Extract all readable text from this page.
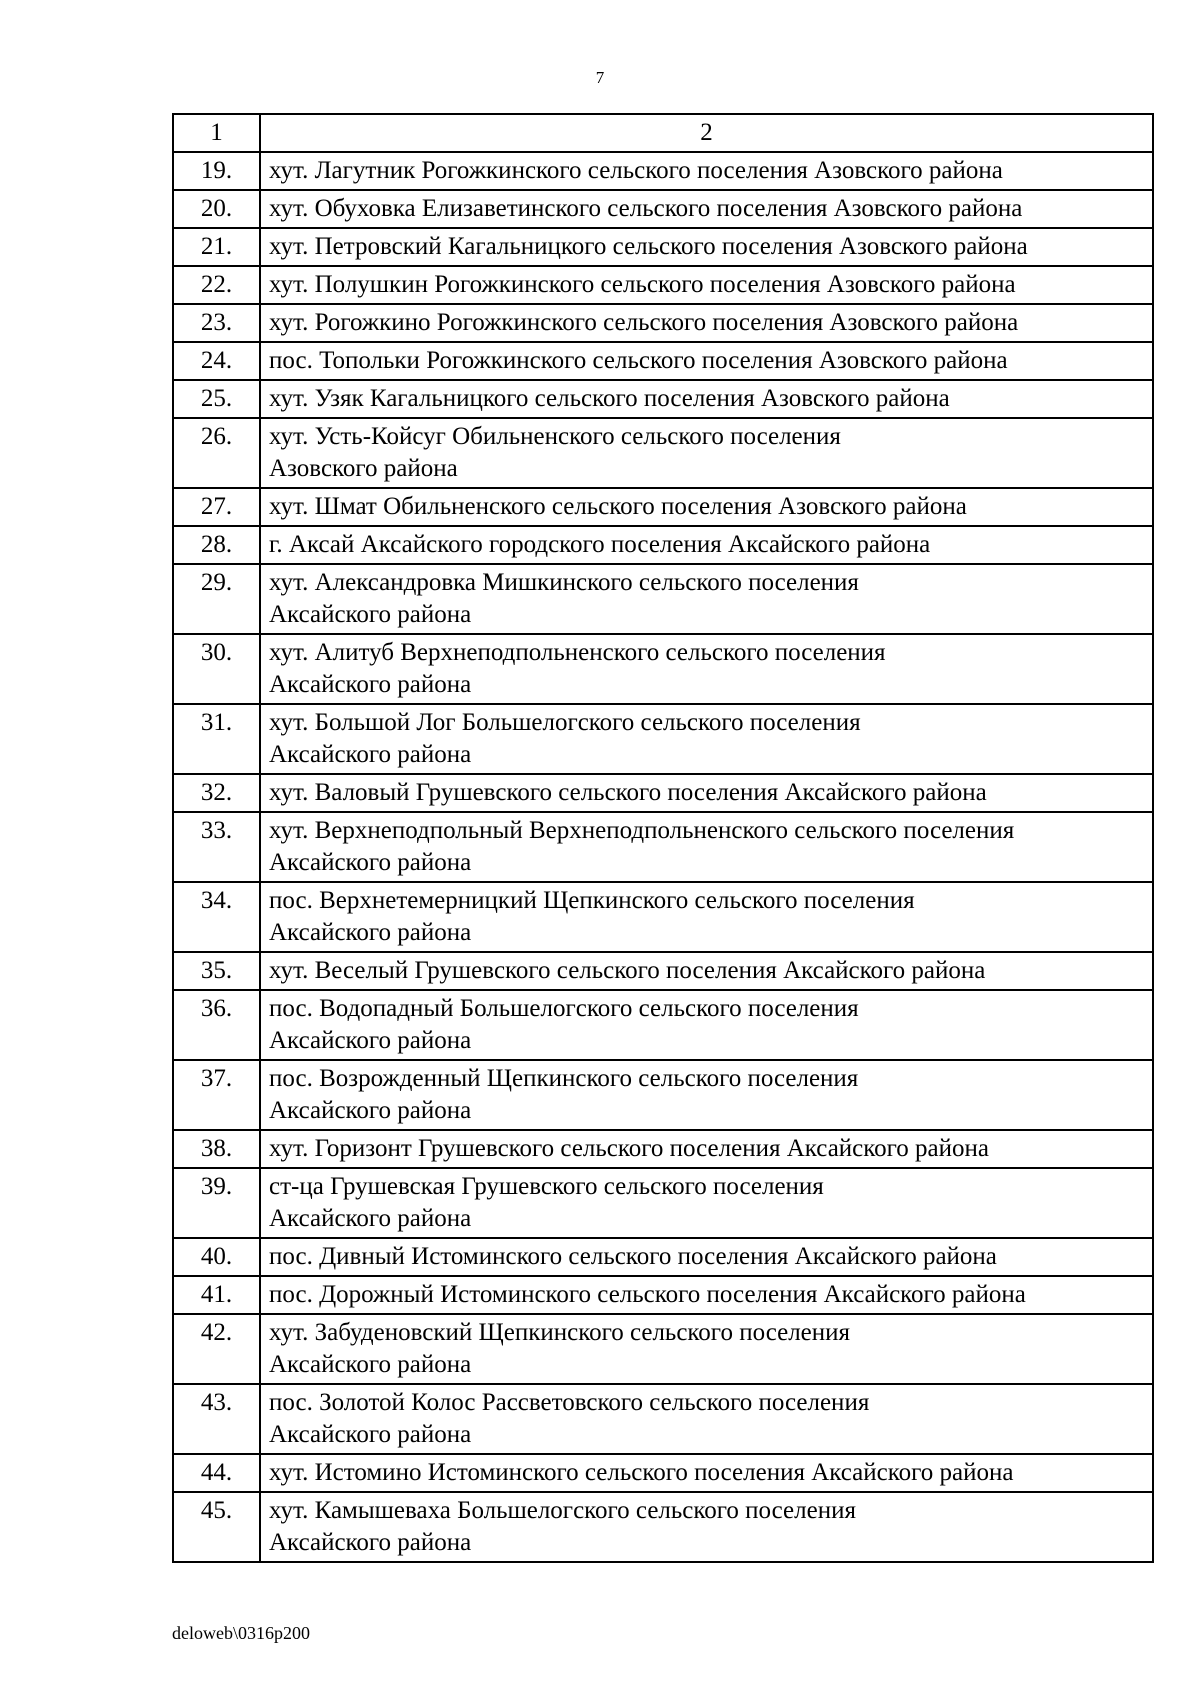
7
1	2
19.	хут. Лагутник Рогожкинского сельского поселения Азовского района
20.	хут. Обуховка Елизаветинского сельского поселения Азовского района
21.	хут. Петровский Кагальницкого сельского поселения Азовского района
22.	хут. Полушкин Рогожкинского сельского поселения Азовского района
23.	хут. Рогожкино Рогожкинского сельского поселения Азовского района
24.	пос. Топольки Рогожкинского сельского поселения Азовского района
25.	хут. Узяк Кагальницкого сельского поселения Азовского района
26.	хут. Усть-Койсуг Обильненского сельского поселения
Азовского района
27.	хут. Шмат Обильненского сельского поселения Азовского района
28.	г. Аксай Аксайского городского поселения Аксайского района
29.	хут. Александровка Мишкинского сельского поселения
Аксайского района
30.	хут. Алитуб Верхнеподпольненского сельского поселения
Аксайского района
31.	хут. Большой Лог Большелогского сельского поселения
Аксайского района
32.	хут. Валовый Грушевского сельского поселения Аксайского района
33.	хут. Верхнеподпольный Верхнеподпольненского сельского поселения
Аксайского района
34.	пос. Верхнетемерницкий Щепкинского сельского поселения
Аксайского района
35.	хут. Веселый Грушевского сельского поселения Аксайского района
36.	пос. Водопадный Большелогского сельского поселения
Аксайского района
37.	пос. Возрожденный Щепкинского сельского поселения
Аксайского района
38.	хут. Горизонт Грушевского сельского поселения Аксайского района
39.	ст-ца Грушевская Грушевского сельского поселения
Аксайского района
40.	пос. Дивный Истоминского сельского поселения Аксайского района
41.	пос. Дорожный Истоминского сельского поселения Аксайского района
42.	хут. Забуденовский Щепкинского сельского поселения
Аксайского района
43.	пос. Золотой Колос Рассветовского сельского поселения
Аксайского района
44.	хут. Истомино Истоминского сельского поселения Аксайского района
45.	хут. Камышеваха Большелогского сельского поселения
Аксайского района
deloweb\0316p200
